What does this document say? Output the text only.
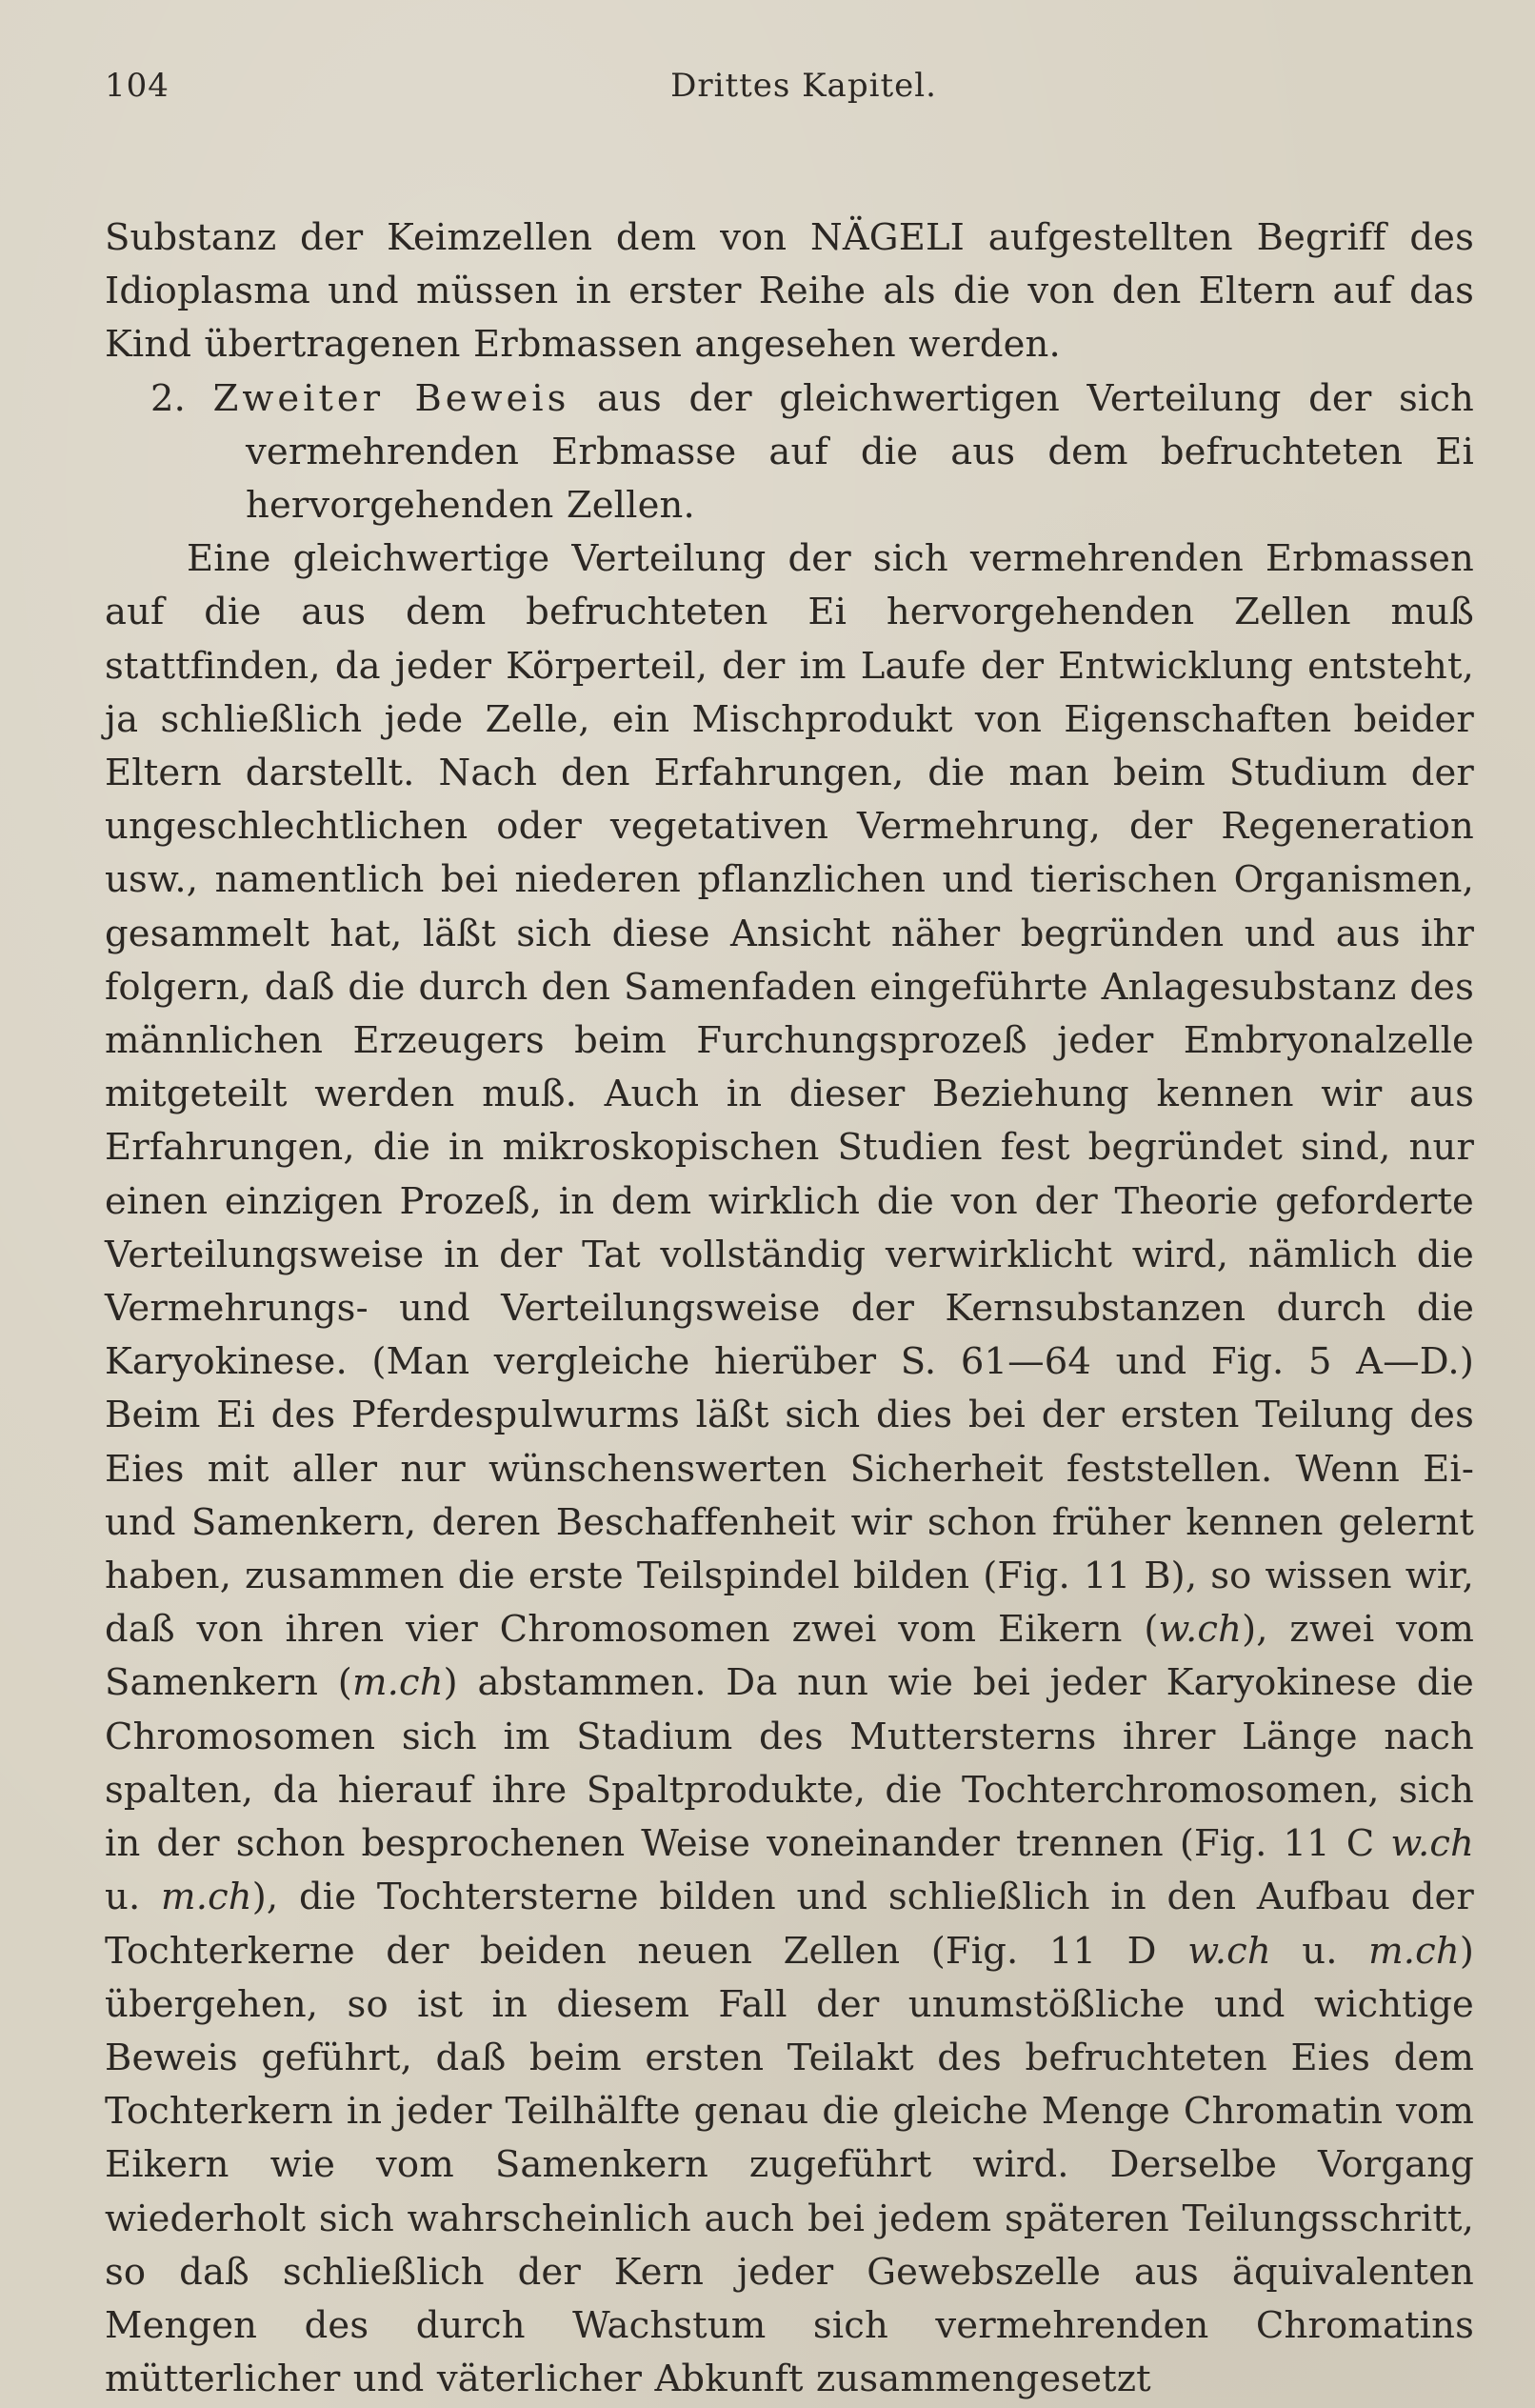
104	Drittes Kapitel.

Substanz der Keimzellen dem von NÄGELI aufgestellten Begriff des Idioplasma und müssen in erster Reihe als die von den Eltern auf das Kind übertragenen Erbmassen angesehen werden.

2. Zweiter Beweis aus der gleichwertigen Verteilung der sich vermehrenden Erbmasse auf die aus dem befruchteten Ei hervorgehenden Zellen.

Eine gleichwertige Verteilung der sich vermehrenden Erbmassen auf die aus dem befruchteten Ei hervorgehenden Zellen muß stattfinden, da jeder Körperteil, der im Laufe der Entwicklung entsteht, ja schließlich jede Zelle, ein Mischprodukt von Eigenschaften beider Eltern darstellt. Nach den Erfahrungen, die man beim Studium der ungeschlechtlichen oder vegetativen Vermehrung, der Regeneration usw., namentlich bei niederen pflanzlichen und tierischen Organismen, gesammelt hat, läßt sich diese Ansicht näher begründen und aus ihr folgern, daß die durch den Samenfaden eingeführte Anlagesubstanz des männlichen Erzeugers beim Furchungsprozeß jeder Embryonalzelle mitgeteilt werden muß. Auch in dieser Beziehung kennen wir aus Erfahrungen, die in mikroskopischen Studien fest begründet sind, nur einen einzigen Prozeß, in dem wirklich die von der Theorie geforderte Verteilungsweise in der Tat vollständig verwirklicht wird, nämlich die Vermehrungs- und Verteilungsweise der Kernsubstanzen durch die Karyokinese. (Man vergleiche hierüber S. 61—64 und Fig. 5 A—D.) Beim Ei des Pferdespulwurms läßt sich dies bei der ersten Teilung des Eies mit aller nur wünschenswerten Sicherheit feststellen. Wenn Ei- und Samenkern, deren Beschaffenheit wir schon früher kennen gelernt haben, zusammen die erste Teilspindel bilden (Fig. 11 B), so wissen wir, daß von ihren vier Chromosomen zwei vom Eikern (w.ch), zwei vom Samenkern (m.ch) abstammen. Da nun wie bei jeder Karyokinese die Chromosomen sich im Stadium des Muttersterns ihrer Länge nach spalten, da hierauf ihre Spaltprodukte, die Tochterchromosomen, sich in der schon besprochenen Weise voneinander trennen (Fig. 11 C w.ch u. m.ch), die Tochtersterne bilden und schließlich in den Aufbau der Tochterkerne der beiden neuen Zellen (Fig. 11 D w.ch u. m.ch) übergehen, so ist in diesem Fall der unumstößliche und wichtige Beweis geführt, daß beim ersten Teilakt des befruchteten Eies dem Tochterkern in jeder Teilhälfte genau die gleiche Menge Chromatin vom Eikern wie vom Samenkern zugeführt wird. Derselbe Vorgang wiederholt sich wahrscheinlich auch bei jedem späteren Teilungsschritt, so daß schließlich der Kern jeder Gewebszelle aus äquivalenten Mengen des durch Wachstum sich vermehrenden Chromatins mütterlicher und väterlicher Abkunft zusammengesetzt
